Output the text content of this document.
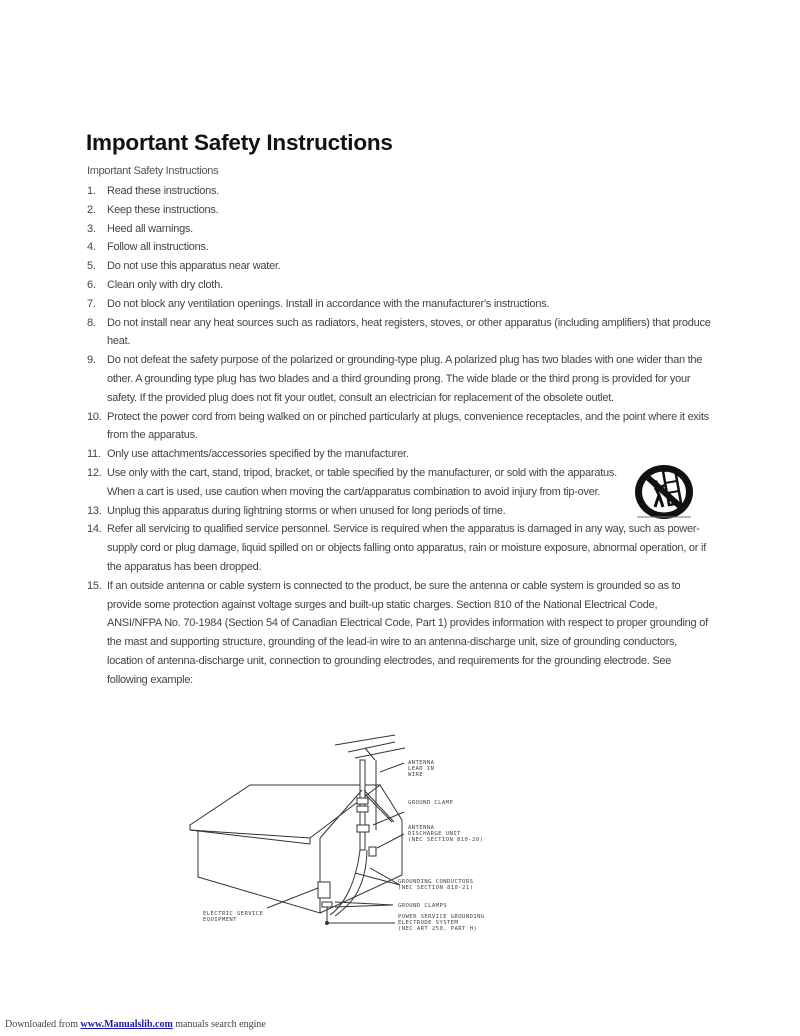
Important Safety Instructions
Important Safety Instructions
1. Read these instructions.
2. Keep these instructions.
3. Heed all warnings.
4. Follow all instructions.
5. Do not use this apparatus near water.
6. Clean only with dry cloth.
7. Do not block any ventilation openings. Install in accordance with the manufacturer's instructions.
8. Do not install near any heat sources such as radiators, heat registers, stoves, or other apparatus (including amplifiers) that produce heat.
9. Do not defeat the safety purpose of the polarized or grounding-type plug. A polarized plug has two blades with one wider than the other. A grounding type plug has two blades and a third grounding prong. The wide blade or the third prong is provided for your safety. If the provided plug does not fit your outlet, consult an electrician for replacement of the obsolete outlet.
10. Protect the power cord from being walked on or pinched particularly at plugs, convenience receptacles, and the point where it exits from the apparatus.
11. Only use attachments/accessories specified by the manufacturer.
12. Use only with the cart, stand, tripod, bracket, or table specified by the manufacturer, or sold with the apparatus. When a cart is used, use caution when moving the cart/apparatus combination to avoid injury from tip-over.
13. Unplug this apparatus during lightning storms or when unused for long periods of time.
14. Refer all servicing to qualified service personnel. Service is required when the apparatus is damaged in any way, such as power-supply cord or plug damage, liquid spilled on or objects falling onto apparatus, rain or moisture exposure, abnormal operation, or if the apparatus has been dropped.
15. If an outside antenna or cable system is connected to the product, be sure the antenna or cable system is grounded so as to provide some protection against voltage surges and built-up static charges. Section 810 of the National Electrical Code, ANSI/NFPA No. 70-1984 (Section 54 of Canadian Electrical Code, Part 1) provides information with respect to proper grounding of the mast and supporting structure, grounding of the lead-in wire to an antenna-discharge unit, size of grounding conductors, location of antenna-discharge unit, connection to grounding electrodes, and requirements for the grounding electrode. See following example:
ANTENNA
LEAD IN
WIRE
GROUND CLAMP
ANTENNA
DISCHARGE UNIT
(NEC SECTION 810-20)
GROUNDING CONDUCTORS
(NEC SECTION 810-21)
GROUND CLAMPS
ELECTRIC SERVICE
EQUIPMENT	POWER SERVICE GROUNDING
ELECTRODE SYSTEM
(NEC ART 250, PART H)
Downloaded from www.Manualslib.com manuals search engine
